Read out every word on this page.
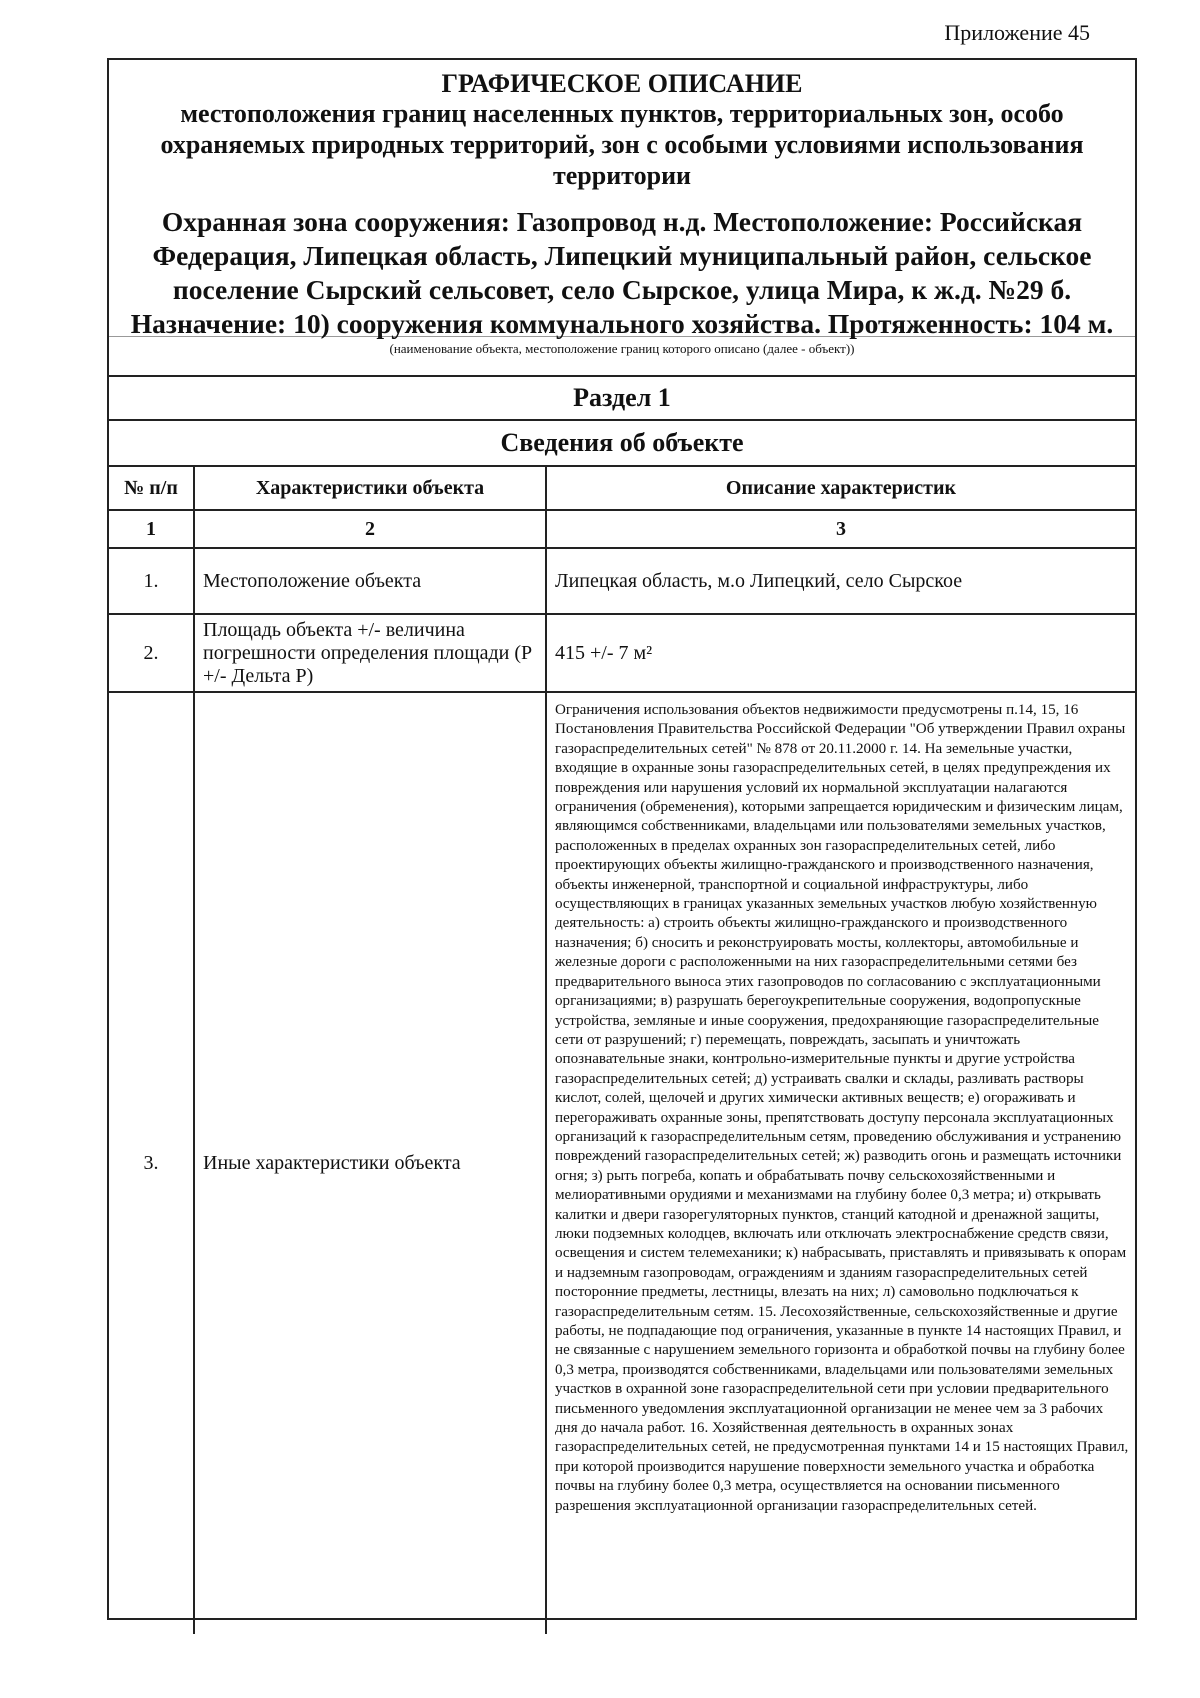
Приложение 45
ГРАФИЧЕСКОЕ ОПИСАНИЕ
местоположения границ населенных пунктов, территориальных зон, особо охраняемых природных территорий, зон с особыми условиями использования территории
Охранная зона сооружения: Газопровод н.д. Местоположение: Российская Федерация, Липецкая область, Липецкий муниципальный район, сельское поселение Сырский сельсовет, село Сырское, улица Мира, к ж.д. №29 б. Назначение: 10) сооружения коммунального хозяйства. Протяженность: 104 м.
(наименование объекта, местоположение границ которого описано (далее - объект))
Раздел 1
Сведения об объекте
№ п/п	Характеристики объекта	Описание характеристик
1	2	3
1.	Местоположение объекта	Липецкая область, м.о Липецкий, село Сырское
2.	Площадь объекта +/- величина погрешности определения площади (Р +/- Дельта Р)	415 +/- 7 м²
3.	Иные характеристики объекта	Ограничения использования объектов недвижимости предусмотрены п.14, 15, 16 Постановления Правительства Российской Федерации "Об утверждении Правил охраны газораспределительных сетей" № 878 от 20.11.2000 г. 14. На земельные участки, входящие в охранные зоны газораспределительных сетей, в целях предупреждения их повреждения или нарушения условий их нормальной эксплуатации налагаются ограничения (обременения), которыми запрещается юридическим и физическим лицам, являющимся собственниками, владельцами или пользователями земельных участков, расположенных в пределах охранных зон газораспределительных сетей, либо проектирующих объекты жилищно-гражданского и производственного назначения, объекты инженерной, транспортной и социальной инфраструктуры, либо осуществляющих в границах указанных земельных участков любую хозяйственную деятельность: а) строить объекты жилищно-гражданского и производственного назначения; б) сносить и реконструировать мосты, коллекторы, автомобильные и железные дороги с расположенными на них газораспределительными сетями без предварительного выноса этих газопроводов по согласованию с эксплуатационными организациями; в) разрушать берегоукрепительные сооружения, водопропускные устройства, земляные и иные сооружения, предохраняющие газораспределительные сети от разрушений; г) перемещать, повреждать, засыпать и уничтожать опознавательные знаки, контрольно-измерительные пункты и другие устройства газораспределительных сетей; д) устраивать свалки и склады, разливать растворы кислот, солей, щелочей и других химически активных веществ; е) огораживать и перегораживать охранные зоны, препятствовать доступу персонала эксплуатационных организаций к газораспределительным сетям, проведению обслуживания и устранению повреждений газораспределительных сетей; ж) разводить огонь и размещать источники огня; з) рыть погреба, копать и обрабатывать почву сельскохозяйственными и мелиоративными орудиями и механизмами на глубину более 0,3 метра; и) открывать калитки и двери газорегуляторных пунктов, станций катодной и дренажной защиты, люки подземных колодцев, включать или отключать электроснабжение средств связи, освещения и систем телемеханики; к) набрасывать, приставлять и привязывать к опорам и надземным газопроводам, ограждениям и зданиям газораспределительных сетей посторонние предметы, лестницы, влезать на них; л) самовольно подключаться к газораспределительным сетям. 15. Лесохозяйственные, сельскохозяйственные и другие работы, не подпадающие под ограничения, указанные в пункте 14 настоящих Правил, и не связанные с нарушением земельного горизонта и обработкой почвы на глубину более 0,3 метра, производятся собственниками, владельцами или пользователями земельных участков в охранной зоне газораспределительной сети при условии предварительного письменного уведомления эксплуатационной организации не менее чем за 3 рабочих дня до начала работ. 16. Хозяйственная деятельность в охранных зонах газораспределительных сетей, не предусмотренная пунктами 14 и 15 настоящих Правил, при которой производится нарушение поверхности земельного участка и обработка почвы на глубину более 0,3 метра, осуществляется на основании письменного разрешения эксплуатационной организации газораспределительных сетей.
